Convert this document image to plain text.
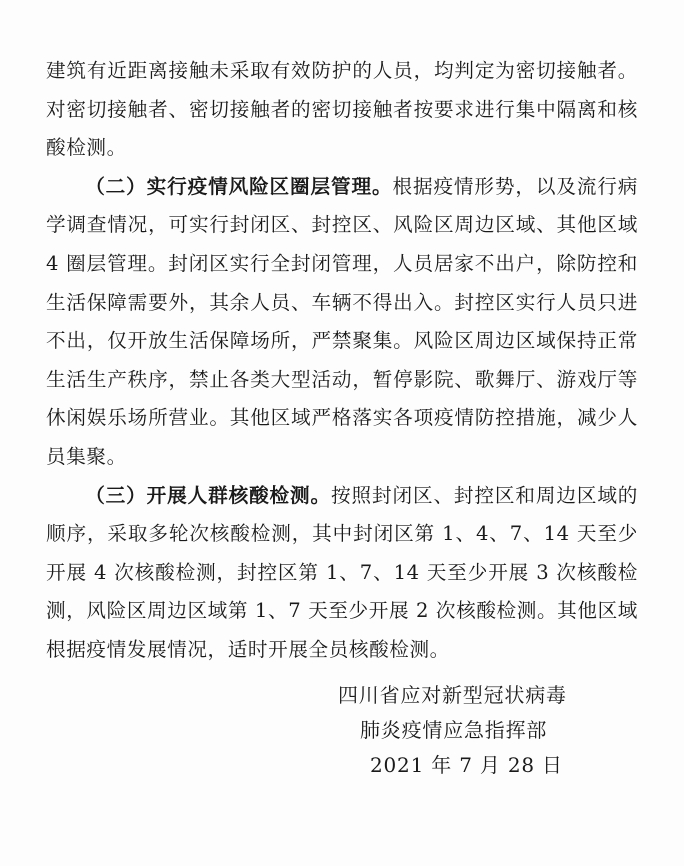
建筑有近距离接触未采取有效防护的人员，均判定为密切接触者。对密切接触者、密切接触者的密切接触者按要求进行集中隔离和核酸检测。

（二）实行疫情风险区圈层管理。根据疫情形势，以及流行病学调查情况，可实行封闭区、封控区、风险区周边区域、其他区域 4 圈层管理。封闭区实行全封闭管理，人员居家不出户，除防控和生活保障需要外，其余人员、车辆不得出入。封控区实行人员只进不出，仅开放生活保障场所，严禁聚集。风险区周边区域保持正常生活生产秩序，禁止各类大型活动，暂停影院、歌舞厅、游戏厅等休闲娱乐场所营业。其他区域严格落实各项疫情防控措施，减少人员集聚。

（三）开展人群核酸检测。按照封闭区、封控区和周边区域的顺序，采取多轮次核酸检测，其中封闭区第 1、4、7、14 天至少开展 4 次核酸检测，封控区第 1、7、14 天至少开展 3 次核酸检测，风险区周边区域第 1、7 天至少开展 2 次核酸检测。其他区域根据疫情发展情况，适时开展全员核酸检测。

四川省应对新型冠状病毒
肺炎疫情应急指挥部
2021 年 7 月 28 日
